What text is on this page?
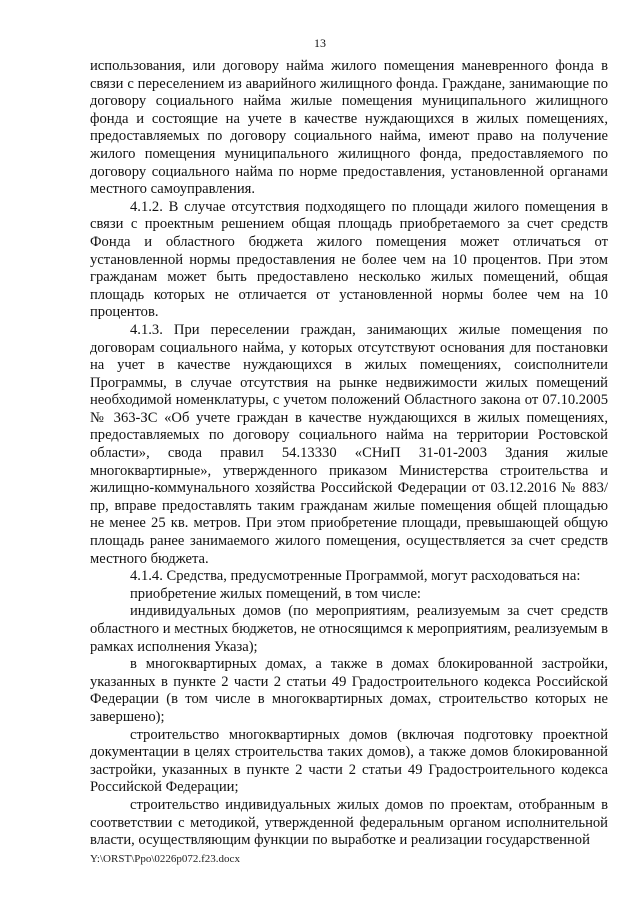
13

использования, или договору найма жилого помещения маневренного фонда в связи с переселением из аварийного жилищного фонда. Граждане, занимающие по договору социального найма жилые помещения муниципального жилищного фонда и состоящие на учете в качестве нуждающихся в жилых помещениях, предоставляемых по договору социального найма, имеют право на получение жилого помещения муниципального жилищного фонда, предоставляемого по договору социального найма по норме предоставления, установленной органами местного самоуправления.

4.1.2. В случае отсутствия подходящего по площади жилого помещения в связи с проектным решением общая площадь приобретаемого за счет средств Фонда и областного бюджета жилого помещения может отличаться от установленной нормы предоставления не более чем на 10 процентов. При этом гражданам может быть предоставлено несколько жилых помещений, общая площадь которых не отличается от установленной нормы более чем на 10 процентов.

4.1.3. При переселении граждан, занимающих жилые помещения по договорам социального найма, у которых отсутствуют основания для постановки на учет в качестве нуждающихся в жилых помещениях, соисполнители Программы, в случае отсутствия на рынке недвижимости жилых помещений необходимой номенклатуры, с учетом положений Областного закона от 07.10.2005 № 363-ЗС «Об учете граждан в качестве нуждающихся в жилых помещениях, предоставляемых по договору социального найма на территории Ростовской области», свода правил 54.13330 «СНиП 31-01-2003 Здания жилые многоквартирные», утвержденного приказом Министерства строительства и жилищно-коммунального хозяйства Российской Федерации от 03.12.2016 № 883/пр, вправе предоставлять таким гражданам жилые помещения общей площадью не менее 25 кв. метров. При этом приобретение площади, превышающей общую площадь ранее занимаемого жилого помещения, осуществляется за счет средств местного бюджета.

4.1.4. Средства, предусмотренные Программой, могут расходоваться на:

приобретение жилых помещений, в том числе:

индивидуальных домов (по мероприятиям, реализуемым за счет средств областного и местных бюджетов, не относящимся к мероприятиям, реализуемым в рамках исполнения Указа);

в многоквартирных домах, а также в домах блокированной застройки, указанных в пункте 2 части 2 статьи 49 Градостроительного кодекса Российской Федерации (в том числе в многоквартирных домах, строительство которых не завершено);

строительство многоквартирных домов (включая подготовку проектной документации в целях строительства таких домов), а также домов блокированной застройки, указанных в пункте 2 части 2 статьи 49 Градостроительного кодекса Российской Федерации;

строительство индивидуальных жилых домов по проектам, отобранным в соответствии с методикой, утвержденной федеральным органом исполнительной власти, осуществляющим функции по выработке и реализации государственной

Y:\ORST\Ppo\0226p072.f23.docx
